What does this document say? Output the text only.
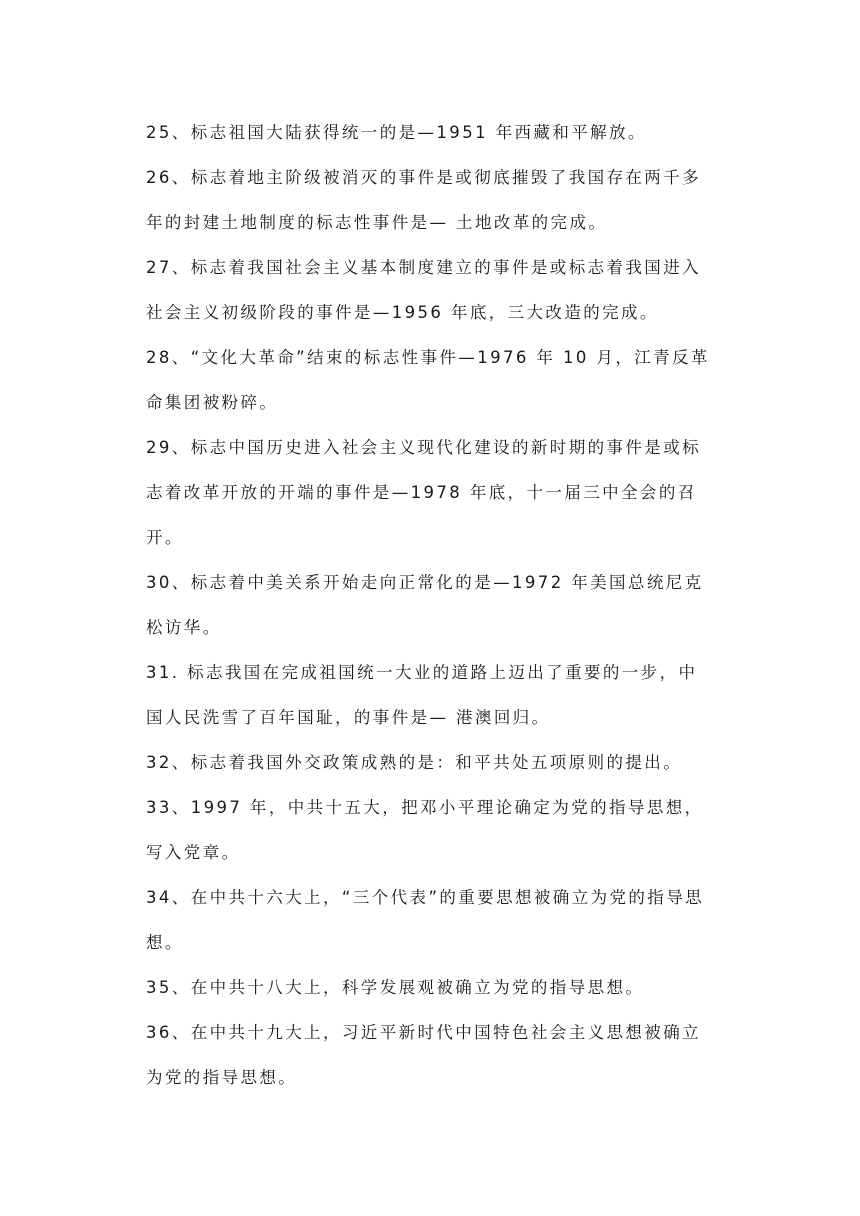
25、标志祖国大陆获得统一的是—1951 年西藏和平解放。

26、标志着地主阶级被消灭的事件是或彻底摧毁了我国存在两千多年的封建土地制度的标志性事件是— 土地改革的完成。

27、标志着我国社会主义基本制度建立的事件是或标志着我国进入社会主义初级阶段的事件是—1956 年底，三大改造的完成。

28、“文化大革命”结束的标志性事件—1976 年 10 月，江青反革命集团被粉碎。

29、标志中国历史进入社会主义现代化建设的新时期的事件是或标志着改革开放的开端的事件是—1978 年底，十一届三中全会的召开。

30、标志着中美关系开始走向正常化的是—1972 年美国总统尼克松访华。

31. 标志我国在完成祖国统一大业的道路上迈出了重要的一步，中国人民洗雪了百年国耻，的事件是— 港澳回归。

32、标志着我国外交政策成熟的是：和平共处五项原则的提出。

33、1997 年，中共十五大，把邓小平理论确定为党的指导思想，写入党章。

34、在中共十六大上，“三个代表”的重要思想被确立为党的指导思想。

35、在中共十八大上，科学发展观被确立为党的指导思想。

36、在中共十九大上，习近平新时代中国特色社会主义思想被确立为党的指导思想。
